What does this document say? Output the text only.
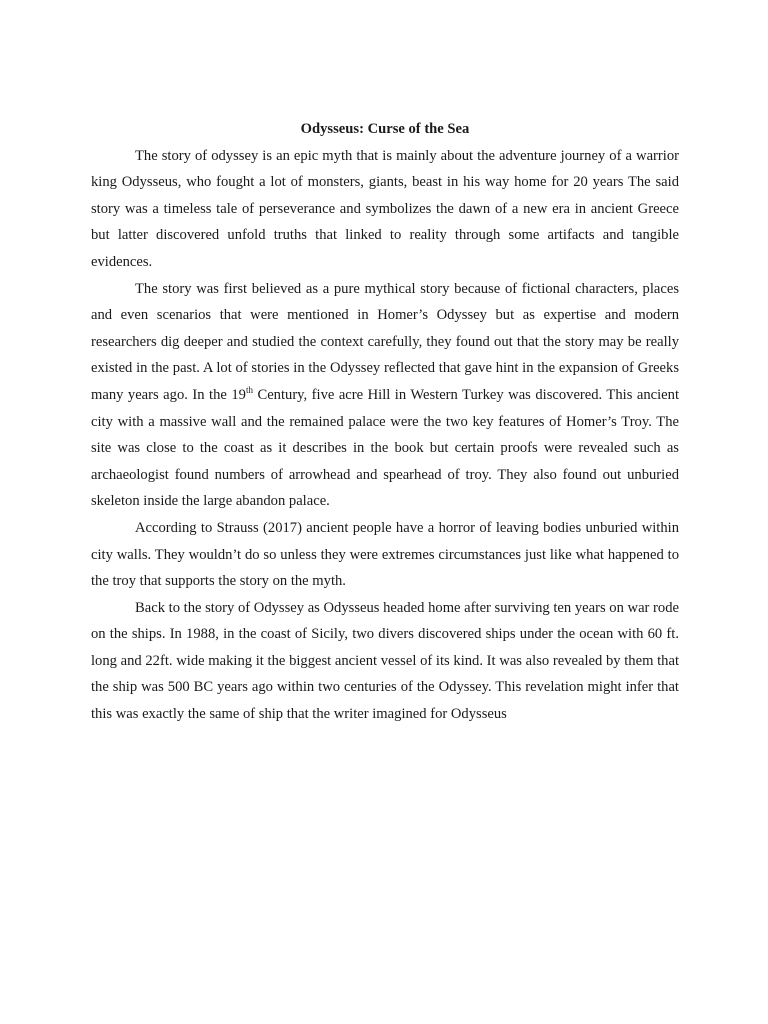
Odysseus: Curse of the Sea

The story of odyssey is an epic myth that is mainly about the adventure journey of a warrior king Odysseus, who fought a lot of monsters, giants, beast in his way home for 20 years The said story was a timeless tale of perseverance and symbolizes the dawn of a new era in ancient Greece but latter discovered unfold truths that linked to reality through some artifacts and tangible evidences.

The story was first believed as a pure mythical story because of fictional characters, places and even scenarios that were mentioned in Homer’s Odyssey but as expertise and modern researchers dig deeper and studied the context carefully, they found out that the story may be really existed in the past. A lot of stories in the Odyssey reflected that gave hint in the expansion of Greeks many years ago. In the 19th Century, five acre Hill in Western Turkey was discovered. This ancient city with a massive wall and the remained palace were the two key features of Homer’s Troy. The site was close to the coast as it describes in the book but certain proofs were revealed such as archaeologist found numbers of arrowhead and spearhead of troy. They also found out unburied skeleton inside the large abandon palace.

According to Strauss (2017) ancient people have a horror of leaving bodies unburied within city walls. They wouldn’t do so unless they were extremes circumstances just like what happened to the troy that supports the story on the myth.

Back to the story of Odyssey as Odysseus headed home after surviving ten years on war rode on the ships. In 1988, in the coast of Sicily, two divers discovered ships under the ocean with 60 ft. long and 22ft. wide making it the biggest ancient vessel of its kind. It was also revealed by them that the ship was 500 BC years ago within two centuries of the Odyssey. This revelation might infer that this was exactly the same of ship that the writer imagined for Odysseus
